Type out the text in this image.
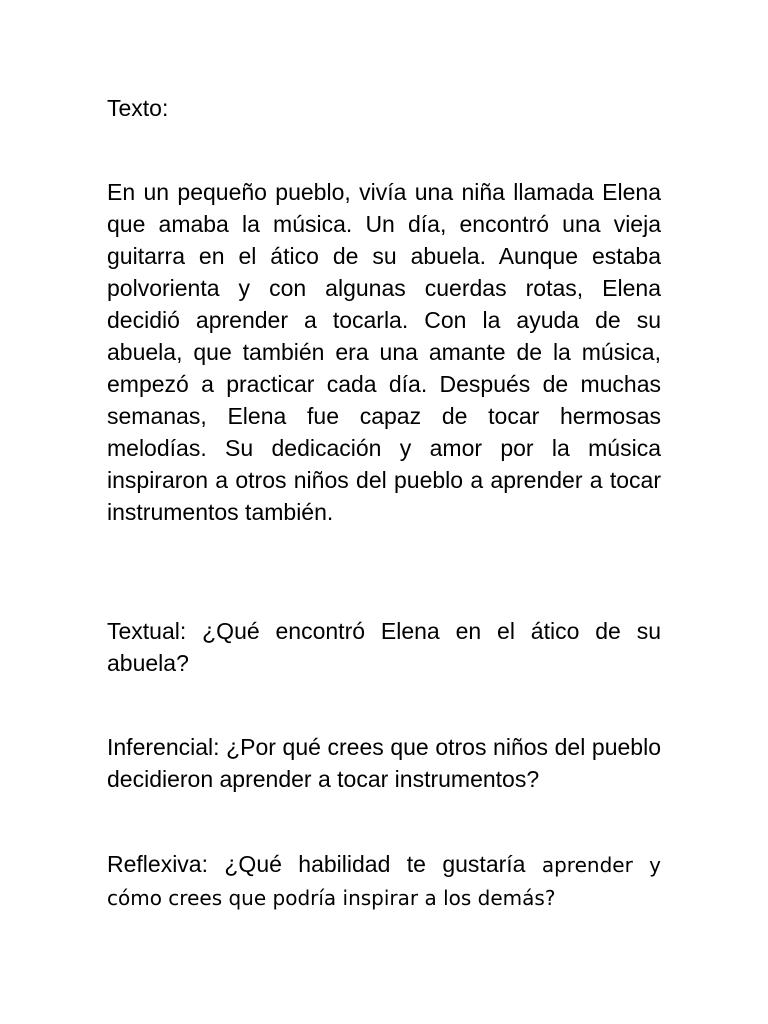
Texto:

En un pequeño pueblo, vivía una niña llamada Elena que amaba la música. Un día, encontró una vieja guitarra en el ático de su abuela. Aunque estaba polvorienta y con algunas cuerdas rotas, Elena decidió aprender a tocarla. Con la ayuda de su abuela, que también era una amante de la música, empezó a practicar cada día. Después de muchas semanas, Elena fue capaz de tocar hermosas melodías. Su dedicación y amor por la música inspiraron a otros niños del pueblo a aprender a tocar instrumentos también.

Textual: ¿Qué encontró Elena en el ático de su abuela?

Inferencial: ¿Por qué crees que otros niños del pueblo decidieron aprender a tocar instrumentos?

Reflexiva: ¿Qué habilidad te gustaría aprender y cómo crees que podría inspirar a los demás?
